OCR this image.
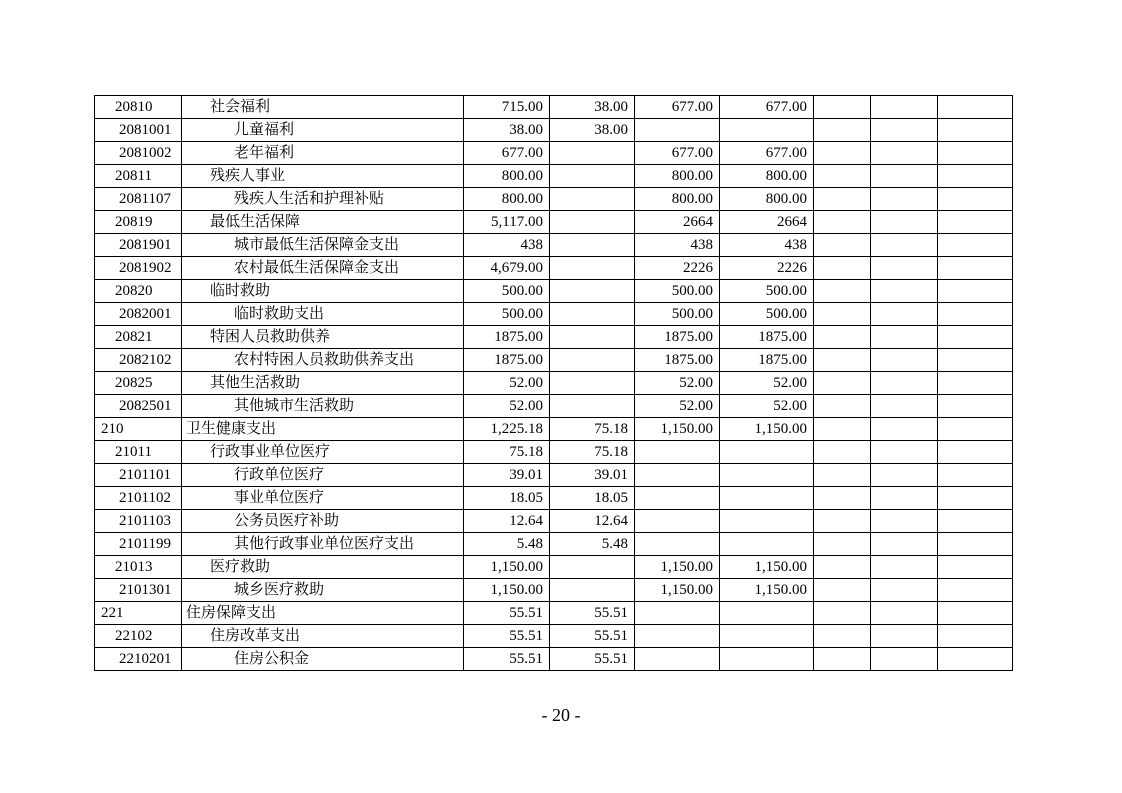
20810	社会福利	715.00	38.00	677.00	677.00			
2081001	儿童福利	38.00	38.00					
2081002	老年福利	677.00		677.00	677.00			
20811	残疾人事业	800.00		800.00	800.00			
2081107	残疾人生活和护理补贴	800.00		800.00	800.00			
20819	最低生活保障	5,117.00		2664	2664			
2081901	城市最低生活保障金支出	438		438	438			
2081902	农村最低生活保障金支出	4,679.00		2226	2226			
20820	临时救助	500.00		500.00	500.00			
2082001	临时救助支出	500.00		500.00	500.00			
20821	特困人员救助供养	1875.00		1875.00	1875.00			
2082102	农村特困人员救助供养支出	1875.00		1875.00	1875.00			
20825	其他生活救助	52.00		52.00	52.00			
2082501	其他城市生活救助	52.00		52.00	52.00			
210	卫生健康支出	1,225.18	75.18	1,150.00	1,150.00			
21011	行政事业单位医疗	75.18	75.18					
2101101	行政单位医疗	39.01	39.01					
2101102	事业单位医疗	18.05	18.05					
2101103	公务员医疗补助	12.64	12.64					
2101199	其他行政事业单位医疗支出	5.48	5.48					
21013	医疗救助	1,150.00		1,150.00	1,150.00			
2101301	城乡医疗救助	1,150.00		1,150.00	1,150.00			
221	住房保障支出	55.51	55.51					
22102	住房改革支出	55.51	55.51					
2210201	住房公积金	55.51	55.51					
- 20 -
